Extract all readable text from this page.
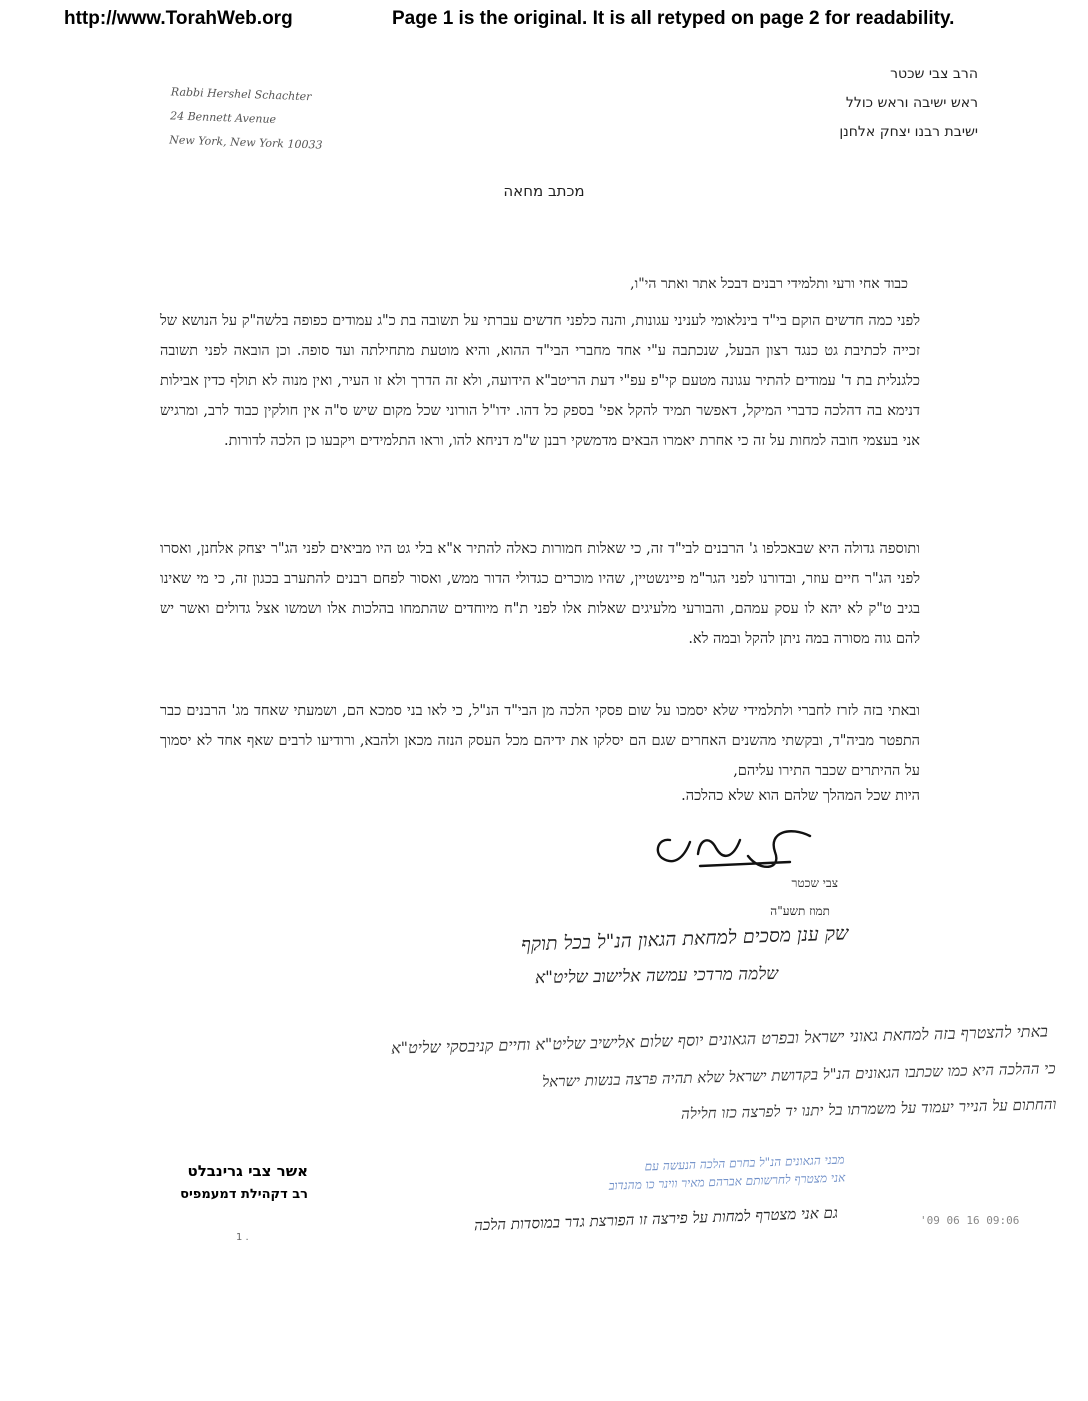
http://www.TorahWeb.org	Page 1 is the original. It is all retyped on page 2 for readability.
הרב צבי שכטר
ראש ישיבה וראש כולל
ישיבת רבנו יצחק אלחנן
Rabbi Hershel Schachter
24 Bennett Avenue
New York, New York 10033
מכתב מחאה
כבוד אחי ורעי ותלמידי רבנים דבכל אתר ואתר הי"ו,
לפני כמה חדשים הוקם בי"ד בינלאומי לעניני עגונות, והנה כלפני חדשים עברתי על תשובה בת כ"ג עמודים כפופה בלשה"ק על הנושא של זכייה לכתיבת גט כנגד רצון הבעל, שנכתבה ע"י אחד מחברי הבי"ד ההוא, והיא מוטעת מתחילתה ועד סופה. וכן הובאה לפני תשובה כלגנלית בת ד' עמודים להתיר עגונה מטעם קי"פ עפ"י דעת הריטב"א הידועה, ולא זה הדרך ולא זו העיר, ואין מנוה לא תולף כדין אבילות דנימא בה דהלכה כדברי המיקל, דאפשר תמיד להקל אפי' בספק כל דהו. ידו"ל הורוני שכל מקום שיש ס"ה אין חולקין כבוד לרב, ומרגיש אני בעצמי חובה למחות על זה כי אחרת יאמרו הבאים מדמשקי רבנן ש"מ דניחא להו, וראו התלמידים ויקבעו כן הלכה לדורות.
ותוספה גדולה היא שבאכלפו ג' הרבנים לבי"ד זה, כי שאלות חמורות כאלה להתיר א"א בלי גט היו מביאים לפני הג"ר יצחק אלחנן, ואסרו לפני הג"ר חיים עוזר, ובדורנו לפני הגר"מ פיינשטיין, שהיו מוכרים כגדולי הדור ממש, ואסור לפחם רבנים להתערב בכגון זה, כי מי שאינו בגיב ט"ק לא יהא לו עסק עמהם, והבורעי מלעיגים שאלות אלו לפני ת"ח מיוחדים שהתמחו בהלכות אלו ושמשו אצל גדולים ואשר יש להם גוה מסורה במה ניתן להקל ובמה לא.
ובאתי בזה לזרז לחברי ולתלמידי שלא יסמכו על שום פסקי הלכה מן הבי"ד הנ"ל, כי לאו בני סמכא הם, ושמעתי שאחד מג' הרבנים כבר התפטר מביה"ד, ובקשתי מהשנים האחרים שגם הם יסלקו את ידיהם מכל העסק הנזה מכאן ולהבא, ורודיעו לרבים שאף אחד לא יסמוך על ההיתרים שכבר התירו עליהם,
היות שכל המהלך שלהם הוא שלא כהלכה.
צבי שכטר
תמוז תשע"ה
שק ענן מסכים למחאת הגאון הנ"ל בכל תוקף
שלמה מרדכי עמשה אלישוב שליט"א
באתי להצטרף בזה למחאת גאוני ישראל ובפרט הגאונים יוסף שלום אלישיב שליט"א וחיים קניבסקי שליט"א
כי ההלכה היא כמו שכתבו הגאונים הנ"ל בקדושת ישראל שלא תהיה פרצה בנשות ישראל
והחתום על הנייר יעמוד על משמרתו בל יתנו יד לפרצה כזו חלילה
אשר צבי גרינבלט
רב דקהילת דמעמפיס
מבני הגאונים הנ"ל בחרם הלכה הנעשה עם
אני מצטרף לחרשותם אברהם מאיר ווינר כו מהנדוב
גם אני מצטרף למחות על פירצה זו הפורצת גדר במוסדות הלכה	'09 06 16 09:06
1 .
